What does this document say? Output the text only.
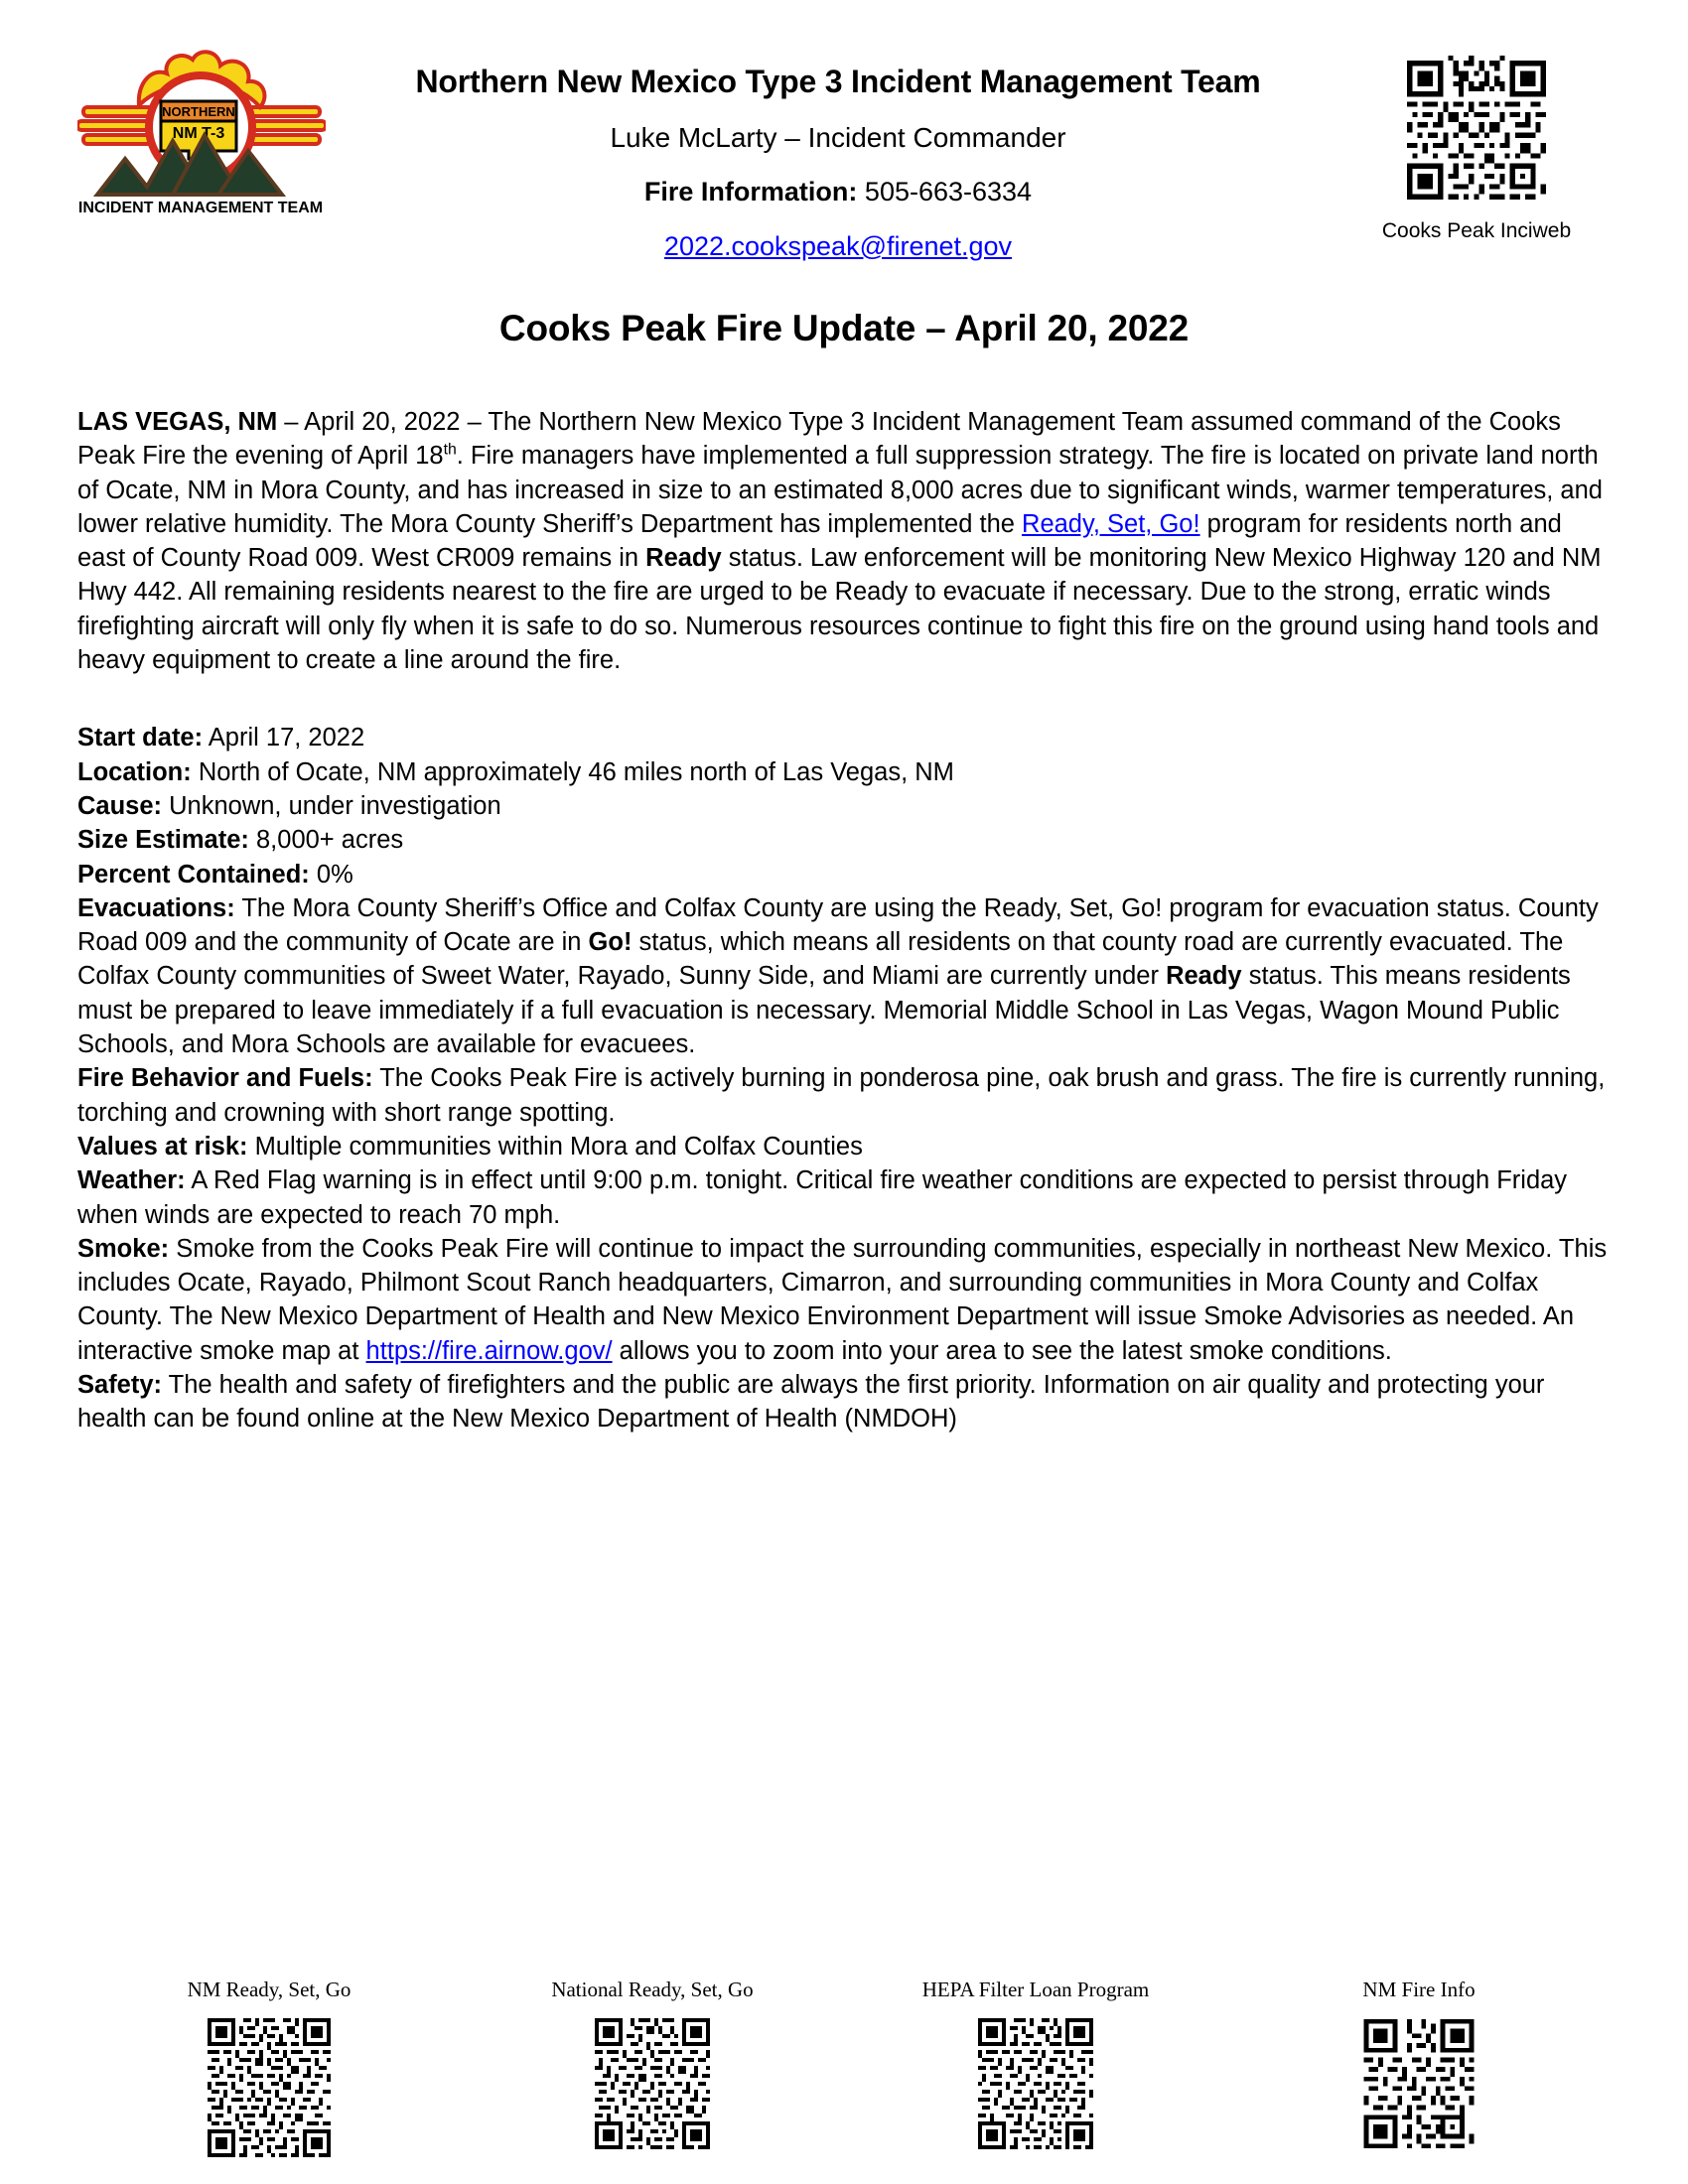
NORTHERN
NM T-3
INCIDENT MANAGEMENT TEAM
Northern New Mexico Type 3 Incident Management Team
Luke McLarty – Incident Commander
Fire Information: 505-663-6334
2022.cookspeak@firenet.gov
Cooks Peak Inciweb
Cooks Peak Fire Update – April 20, 2022

LAS VEGAS, NM – April 20, 2022 – The Northern New Mexico Type 3 Incident Management Team assumed command of the Cooks Peak Fire the evening of April 18th. Fire managers have implemented a full suppression strategy. The fire is located on private land north of Ocate, NM in Mora County, and has increased in size to an estimated 8,000 acres due to significant winds, warmer temperatures, and lower relative humidity. The Mora County Sheriff’s Department has implemented the Ready, Set, Go! program for residents north and east of County Road 009. West CR009 remains in Ready status. Law enforcement will be monitoring New Mexico Highway 120 and NM Hwy 442. All remaining residents nearest to the fire are urged to be Ready to evacuate if necessary. Due to the strong, erratic winds firefighting aircraft will only fly when it is safe to do so. Numerous resources continue to fight this fire on the ground using hand tools and heavy equipment to create a line around the fire.

Start date: April 17, 2022

Location: North of Ocate, NM approximately 46 miles north of Las Vegas, NM

Cause: Unknown, under investigation

Size Estimate: 8,000+ acres

Percent Contained: 0%

Evacuations: The Mora County Sheriff’s Office and Colfax County are using the Ready, Set, Go! program for evacuation status. County Road 009 and the community of Ocate are in Go! status, which means all residents on that county road are currently evacuated. The Colfax County communities of Sweet Water, Rayado, Sunny Side, and Miami are currently under Ready status. This means residents must be prepared to leave immediately if a full evacuation is necessary. Memorial Middle School in Las Vegas, Wagon Mound Public Schools, and Mora Schools are available for evacuees.

Fire Behavior and Fuels: The Cooks Peak Fire is actively burning in ponderosa pine, oak brush and grass. The fire is currently running, torching and crowning with short range spotting.

Values at risk: Multiple communities within Mora and Colfax Counties

Weather: A Red Flag warning is in effect until 9:00 p.m. tonight. Critical fire weather conditions are expected to persist through Friday when winds are expected to reach 70 mph.

Smoke: Smoke from the Cooks Peak Fire will continue to impact the surrounding communities, especially in northeast New Mexico. This includes Ocate, Rayado, Philmont Scout Ranch headquarters, Cimarron, and surrounding communities in Mora County and Colfax County. The New Mexico Department of Health and New Mexico Environment Department will issue Smoke Advisories as needed. An interactive smoke map at https://fire.airnow.gov/ allows you to zoom into your area to see the latest smoke conditions.

Safety: The health and safety of firefighters and the public are always the first priority. Information on air quality and protecting your health can be found online at the New Mexico Department of Health (NMDOH)

NM Ready, Set, Go	National Ready, Set, Go	HEPA Filter Loan Program	NM Fire Info
